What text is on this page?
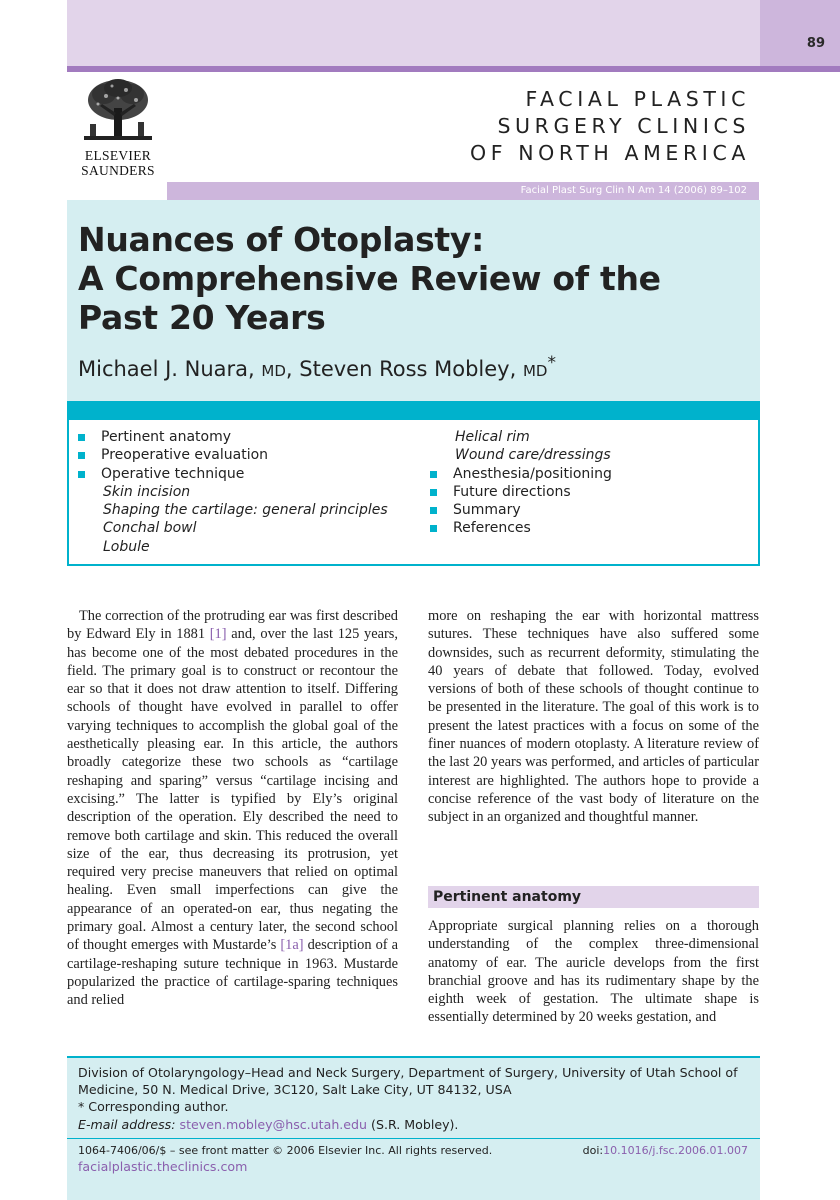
89
ELSEVIER
SAUNDERS
FACIAL PLASTIC
SURGERY CLINICS
OF NORTH AMERICA
Facial Plast Surg Clin N Am 14 (2006) 89–102
Nuances of Otoplasty:
A Comprehensive Review of the
Past 20 Years
Michael J. Nuara, MD, Steven Ross Mobley, MD*
Pertinent anatomy
Preoperative evaluation
Operative technique
Skin incision
Shaping the cartilage: general principles
Conchal bowl
Lobule
Helical rim
Wound care/dressings
Anesthesia/positioning
Future directions
Summary
References

The correction of the protruding ear was first described by Edward Ely in 1881 [1] and, over the last 125 years, has become one of the most debated procedures in the field. The primary goal is to construct or recontour the ear so that it does not draw attention to itself. Differing schools of thought have evolved in parallel to offer varying techniques to accomplish the global goal of the aesthetically pleasing ear. In this article, the authors broadly categorize these two schools as “cartilage reshaping and sparing” versus “cartilage incising and excising.” The latter is typified by Ely’s original description of the operation. Ely described the need to remove both cartilage and skin. This reduced the overall size of the ear, thus decreasing its protrusion, yet required very precise maneuvers that relied on optimal healing. Even small imperfections can give the appearance of an operated-on ear, thus negating the primary goal. Almost a century later, the second school of thought emerges with Mustarde’s [1a] description of a cartilage-reshaping suture technique in 1963. Mustarde popularized the practice of cartilage-sparing techniques and relied

more on reshaping the ear with horizontal mattress sutures. These techniques have also suffered some downsides, such as recurrent deformity, stimulating the 40 years of debate that followed. Today, evolved versions of both of these schools of thought continue to be presented in the literature. The goal of this work is to present the latest practices with a focus on some of the finer nuances of modern otoplasty. A literature review of the last 20 years was performed, and articles of particular interest are highlighted. The authors hope to provide a concise reference of the vast body of literature on the subject in an organized and thoughtful manner.

Pertinent anatomy

Appropriate surgical planning relies on a thorough understanding of the complex three-dimensional anatomy of ear. The auricle develops from the first branchial groove and has its rudimentary shape by the eighth week of gestation. The ultimate shape is essentially determined by 20 weeks gestation, and

Division of Otolaryngology–Head and Neck Surgery, Department of Surgery, University of Utah School of Medicine, 50 N. Medical Drive, 3C120, Salt Lake City, UT 84132, USA
* Corresponding author.
E-mail address: steven.mobley@hsc.utah.edu (S.R. Mobley).
1064-7406/06/$ – see front matter © 2006 Elsevier Inc. All rights reserved.	doi:10.1016/j.fsc.2006.01.007
facialplastic.theclinics.com
